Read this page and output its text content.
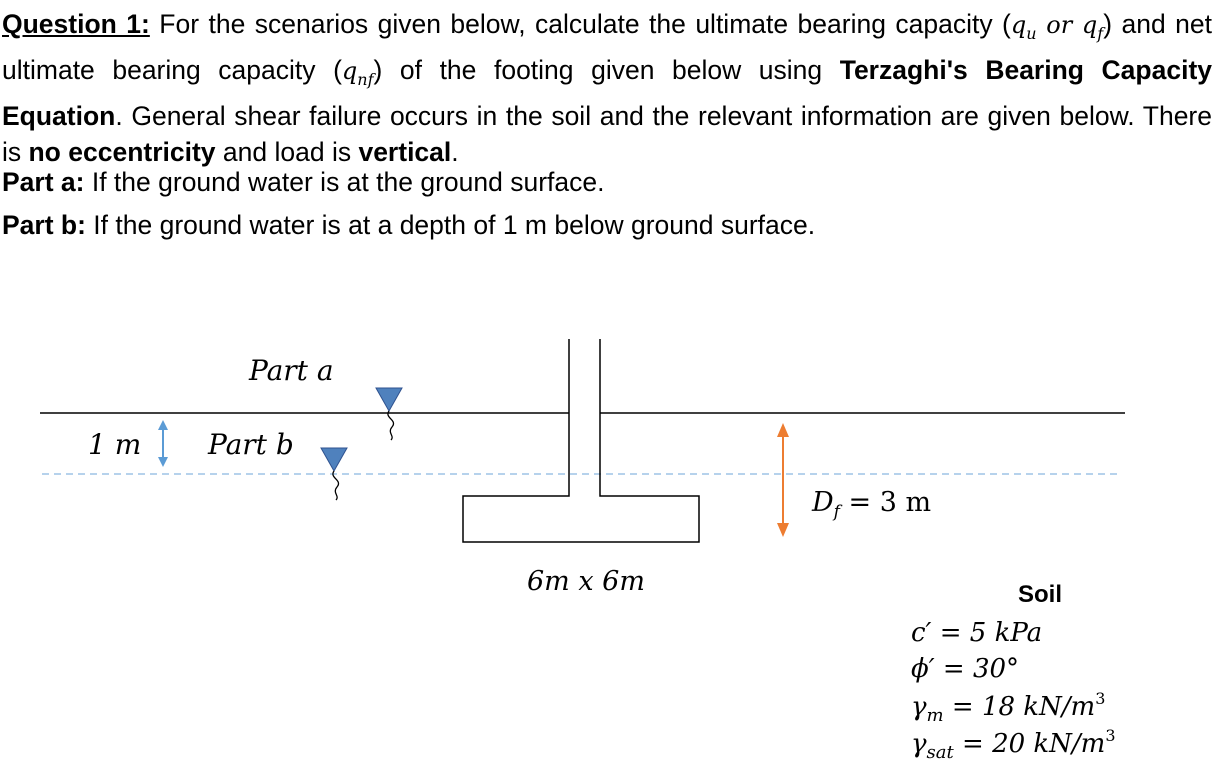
Question 1: For the scenarios given below, calculate the ultimate bearing capacity ($q_u$ or $q_f$) and net ultimate bearing capacity $(q_{nf})$ of the footing given below using Terzaghi's Bearing Capacity Equation. General shear failure occurs in the soil and the relevant information are given below. There is no eccentricity and load is vertical.
Part a: If the ground water is at the ground surface.
Part b: If the ground water is at a depth of 1 m below ground surface.
Part a
Part b
1 m
$D_f = 3$ m
6m x 6m	Soil
c′ = 5 kPa
ϕ′ = 30°
$\gamma_m = 18$ $kN/m^3$
$\gamma_{sat} = 20$ $kN/m^3$
